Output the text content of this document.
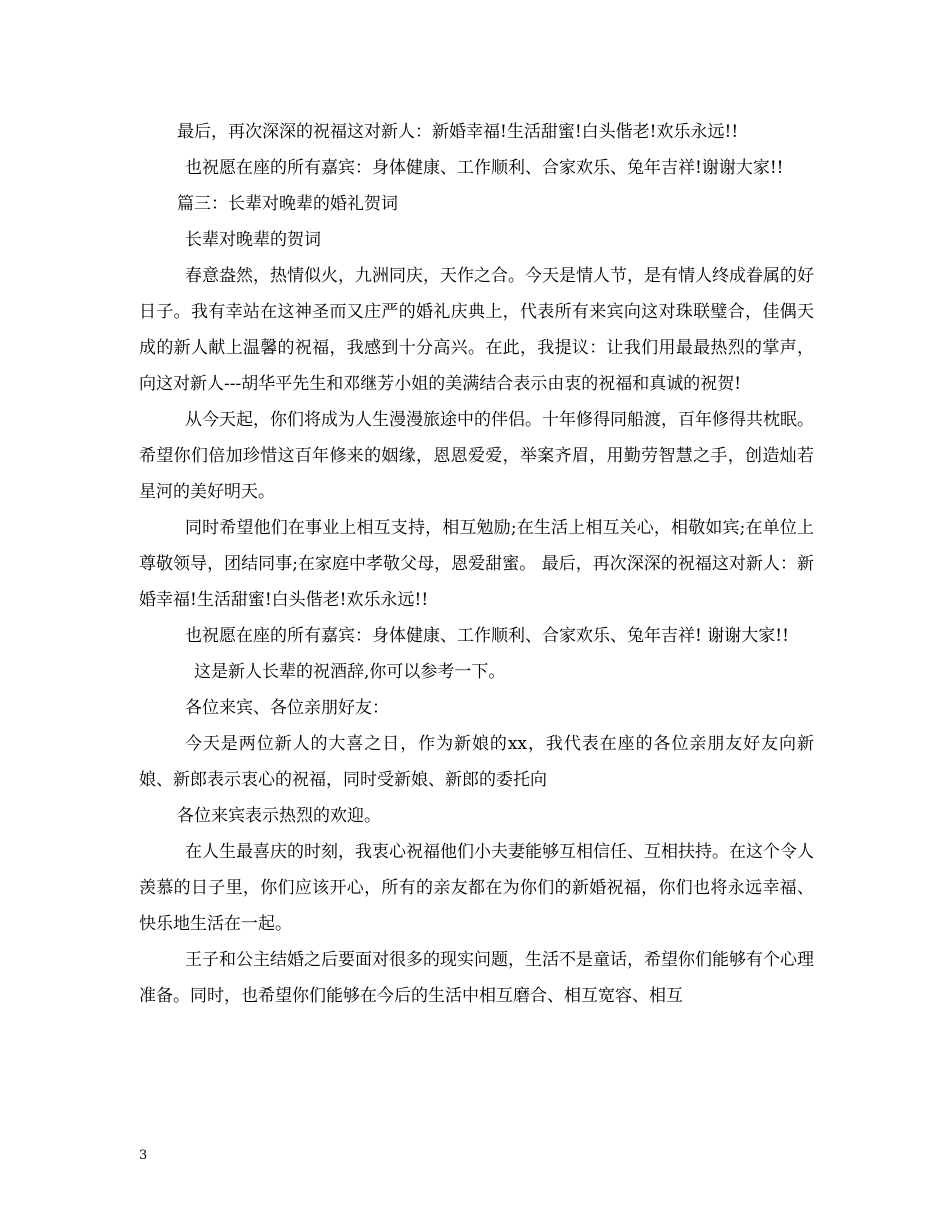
最后，再次深深的祝福这对新人：新婚幸福!生活甜蜜!白头偕老!欢乐永远!!

也祝愿在座的所有嘉宾：身体健康、工作顺利、合家欢乐、兔年吉祥!谢谢大家!!

篇三：长辈对晚辈的婚礼贺词

长辈对晚辈的贺词

春意盎然，热情似火，九洲同庆，天作之合。今天是情人节，是有情人终成眷属的好日子。我有幸站在这神圣而又庄严的婚礼庆典上，代表所有来宾向这对珠联璧合，佳偶天成的新人献上温馨的祝福，我感到十分高兴。在此，我提议：让我们用最最热烈的掌声，向这对新人---胡华平先生和邓继芳小姐的美满结合表示由衷的祝福和真诚的祝贺!

从今天起，你们将成为人生漫漫旅途中的伴侣。十年修得同船渡，百年修得共枕眠。希望你们倍加珍惜这百年修来的姻缘，恩恩爱爱，举案齐眉，用勤劳智慧之手，创造灿若星河的美好明天。

同时希望他们在事业上相互支持，相互勉励;在生活上相互关心，相敬如宾;在单位上尊敬领导，团结同事;在家庭中孝敬父母，恩爱甜蜜。 最后，再次深深的祝福这对新人：新婚幸福!生活甜蜜!白头偕老!欢乐永远!!

也祝愿在座的所有嘉宾：身体健康、工作顺利、合家欢乐、兔年吉祥! 谢谢大家!!

这是新人长辈的祝酒辞,你可以参考一下。

各位来宾、各位亲朋好友：

今天是两位新人的大喜之日，作为新娘的xx，我代表在座的各位亲朋友好友向新娘、新郎表示衷心的祝福，同时受新娘、新郎的委托向

各位来宾表示热烈的欢迎。

在人生最喜庆的时刻，我衷心祝福他们小夫妻能够互相信任、互相扶持。在这个令人羡慕的日子里，你们应该开心，所有的亲友都在为你们的新婚祝福，你们也将永远幸福、快乐地生活在一起。

王子和公主结婚之后要面对很多的现实问题，生活不是童话，希望你们能够有个心理准备。同时，也希望你们能够在今后的生活中相互磨合、相互宽容、相互

3
